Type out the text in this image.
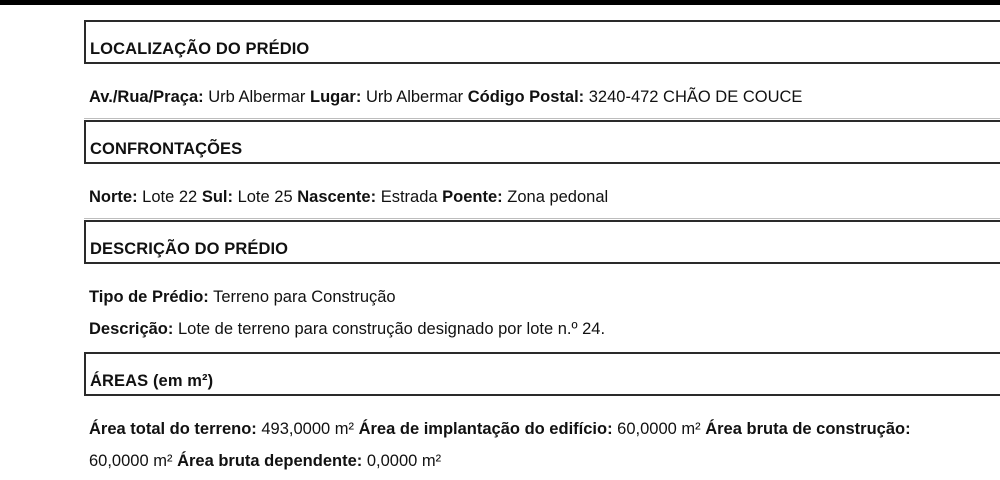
LOCALIZAÇÃO DO PRÉDIO
Av./Rua/Praça: Urb Albermar Lugar: Urb Albermar Código Postal: 3240-472 CHÃO DE COUCE
CONFRONTAÇÕES
Norte: Lote 22 Sul: Lote 25 Nascente: Estrada Poente: Zona pedonal
DESCRIÇÃO DO PRÉDIO
Tipo de Prédio: Terreno para Construção
Descrição: Lote de terreno para construção designado por lote n.º 24.
ÁREAS (em m²)
Área total do terreno: 493,0000 m² Área de implantação do edifício: 60,0000 m² Área bruta de construção:
60,0000 m² Área bruta dependente: 0,0000 m²
